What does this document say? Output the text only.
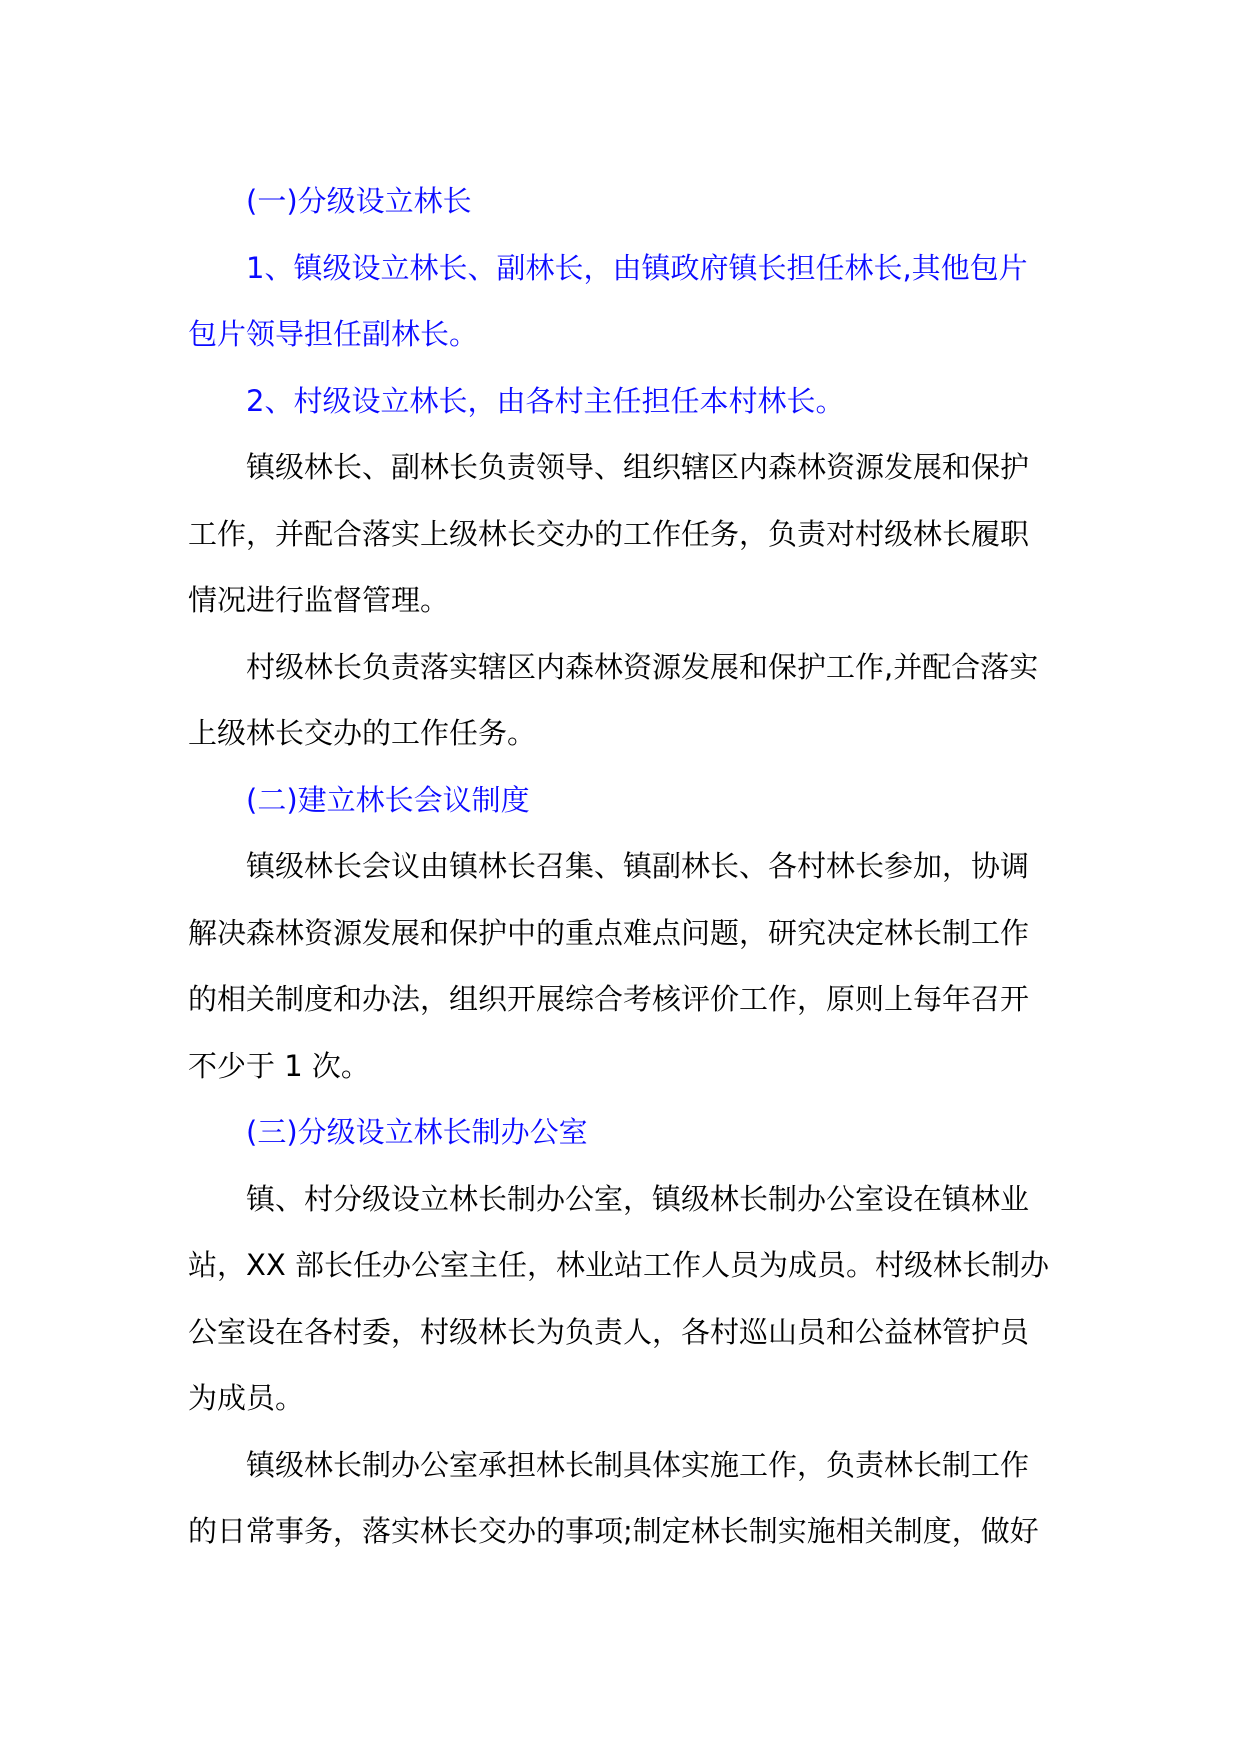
(一)分级设立林长

1、镇级设立林长、副林长，由镇政府镇长担任林长,其他包片包片领导担任副林长。

2、村级设立林长，由各村主任担任本村林长。

镇级林长、副林长负责领导、组织辖区内森林资源发展和保护工作，并配合落实上级林长交办的工作任务，负责对村级林长履职情况进行监督管理。

村级林长负责落实辖区内森林资源发展和保护工作,并配合落实上级林长交办的工作任务。

(二)建立林长会议制度

镇级林长会议由镇林长召集、镇副林长、各村林长参加，协调解决森林资源发展和保护中的重点难点问题，研究决定林长制工作的相关制度和办法，组织开展综合考核评价工作，原则上每年召开不少于 1 次。

(三)分级设立林长制办公室

镇、村分级设立林长制办公室，镇级林长制办公室设在镇林业站，XX 部长任办公室主任，林业站工作人员为成员。村级林长制办公室设在各村委，村级林长为负责人，各村巡山员和公益林管护员为成员。

镇级林长制办公室承担林长制具体实施工作，负责林长制工作的日常事务，落实林长交办的事项;制定林长制实施相关制度，做好
